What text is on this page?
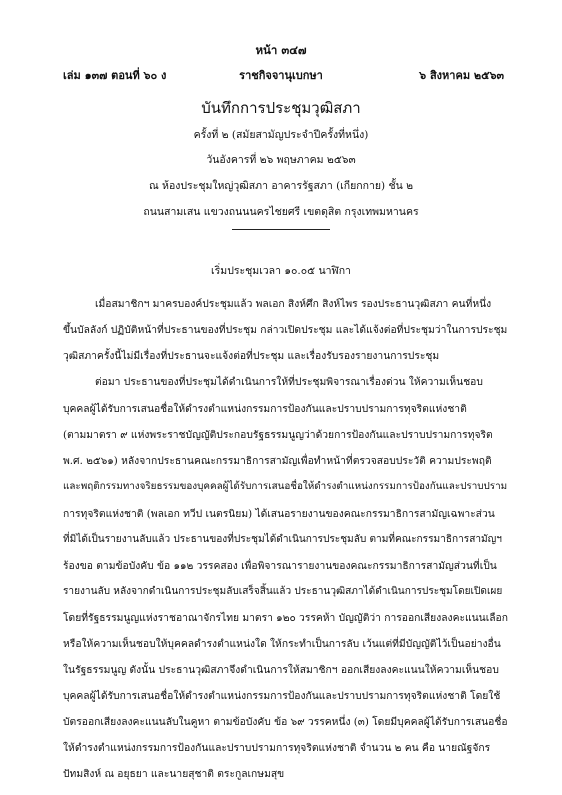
หน้า ๓๔๗
เล่ม ๑๓๗ ตอนที่ ๖๐ ง	ราชกิจจานุเบกษา	๖ สิงหาคม ๒๕๖๓
บันทึกการประชุมวุฒิสภา
ครั้งที่ ๒ (สมัยสามัญประจำปีครั้งที่หนึ่ง)
วันอังคารที่ ๒๖ พฤษภาคม ๒๕๖๓
ณ ห้องประชุมใหญ่วุฒิสภา อาคารรัฐสภา (เกียกกาย) ชั้น ๒
ถนนสามเสน แขวงถนนนครไชยศรี เขตดุสิต กรุงเทพมหานคร
เริ่มประชุมเวลา ๑๐.๐๕ นาฬิกา
เมื่อสมาชิกฯ มาครบองค์ประชุมแล้ว พลเอก สิงห์ศึก สิงห์ไพร รองประธานวุฒิสภา คนที่หนึ่ง
ขึ้นบัลลังก์ ปฏิบัติหน้าที่ประธานของที่ประชุม กล่าวเปิดประชุม และได้แจ้งต่อที่ประชุมว่าในการประชุม
วุฒิสภาครั้งนี้ไม่มีเรื่องที่ประธานจะแจ้งต่อที่ประชุม และเรื่องรับรองรายงานการประชุม
ต่อมา ประธานของที่ประชุมได้ดำเนินการให้ที่ประชุมพิจารณาเรื่องด่วน ให้ความเห็นชอบ
บุคคลผู้ได้รับการเสนอชื่อให้ดำรงตำแหน่งกรรมการป้องกันและปราบปรามการทุจริตแห่งชาติ
(ตามมาตรา ๙ แห่งพระราชบัญญัติประกอบรัฐธรรมนูญว่าด้วยการป้องกันและปราบปรามการทุจริต
พ.ศ. ๒๕๖๑) หลังจากประธานคณะกรรมาธิการสามัญเพื่อทำหน้าที่ตรวจสอบประวัติ ความประพฤติ
และพฤติกรรมทางจริยธรรมของบุคคลผู้ได้รับการเสนอชื่อให้ดำรงตำแหน่งกรรมการป้องกันและปราบปราม
การทุจริตแห่งชาติ (พลเอก ทวีป เนตรนิยม) ได้เสนอรายงานของคณะกรรมาธิการสามัญเฉพาะส่วน
ที่มิได้เป็นรายงานลับแล้ว ประธานของที่ประชุมได้ดำเนินการประชุมลับ ตามที่คณะกรรมาธิการสามัญฯ
ร้องขอ ตามข้อบังคับ ข้อ ๑๑๒ วรรคสอง เพื่อพิจารณารายงานของคณะกรรมาธิการสามัญส่วนที่เป็น
รายงานลับ หลังจากดำเนินการประชุมลับเสร็จสิ้นแล้ว ประธานวุฒิสภาได้ดำเนินการประชุมโดยเปิดเผย
โดยที่รัฐธรรมนูญแห่งราชอาณาจักรไทย มาตรา ๑๒๐ วรรคห้า บัญญัติว่า การออกเสียงลงคะแนนเลือก
หรือให้ความเห็นชอบให้บุคคลดำรงตำแหน่งใด ให้กระทำเป็นการลับ เว้นแต่ที่มีบัญญัติไว้เป็นอย่างอื่น
ในรัฐธรรมนูญ ดังนั้น ประธานวุฒิสภาจึงดำเนินการให้สมาชิกฯ ออกเสียงลงคะแนนให้ความเห็นชอบ
บุคคลผู้ได้รับการเสนอชื่อให้ดำรงตำแหน่งกรรมการป้องกันและปราบปรามการทุจริตแห่งชาติ โดยใช้
บัตรออกเสียงลงคะแนนลับในคูหา ตามข้อบังคับ ข้อ ๖๙ วรรคหนึ่ง (๓) โดยมีบุคคลผู้ได้รับการเสนอชื่อ
ให้ดำรงตำแหน่งกรรมการป้องกันและปราบปรามการทุจริตแห่งชาติ จำนวน ๒ คน คือ นายณัฐจักร
ปัทมสิงห์ ณ อยุธยา และนายสุชาติ ตระกูลเกษมสุข
